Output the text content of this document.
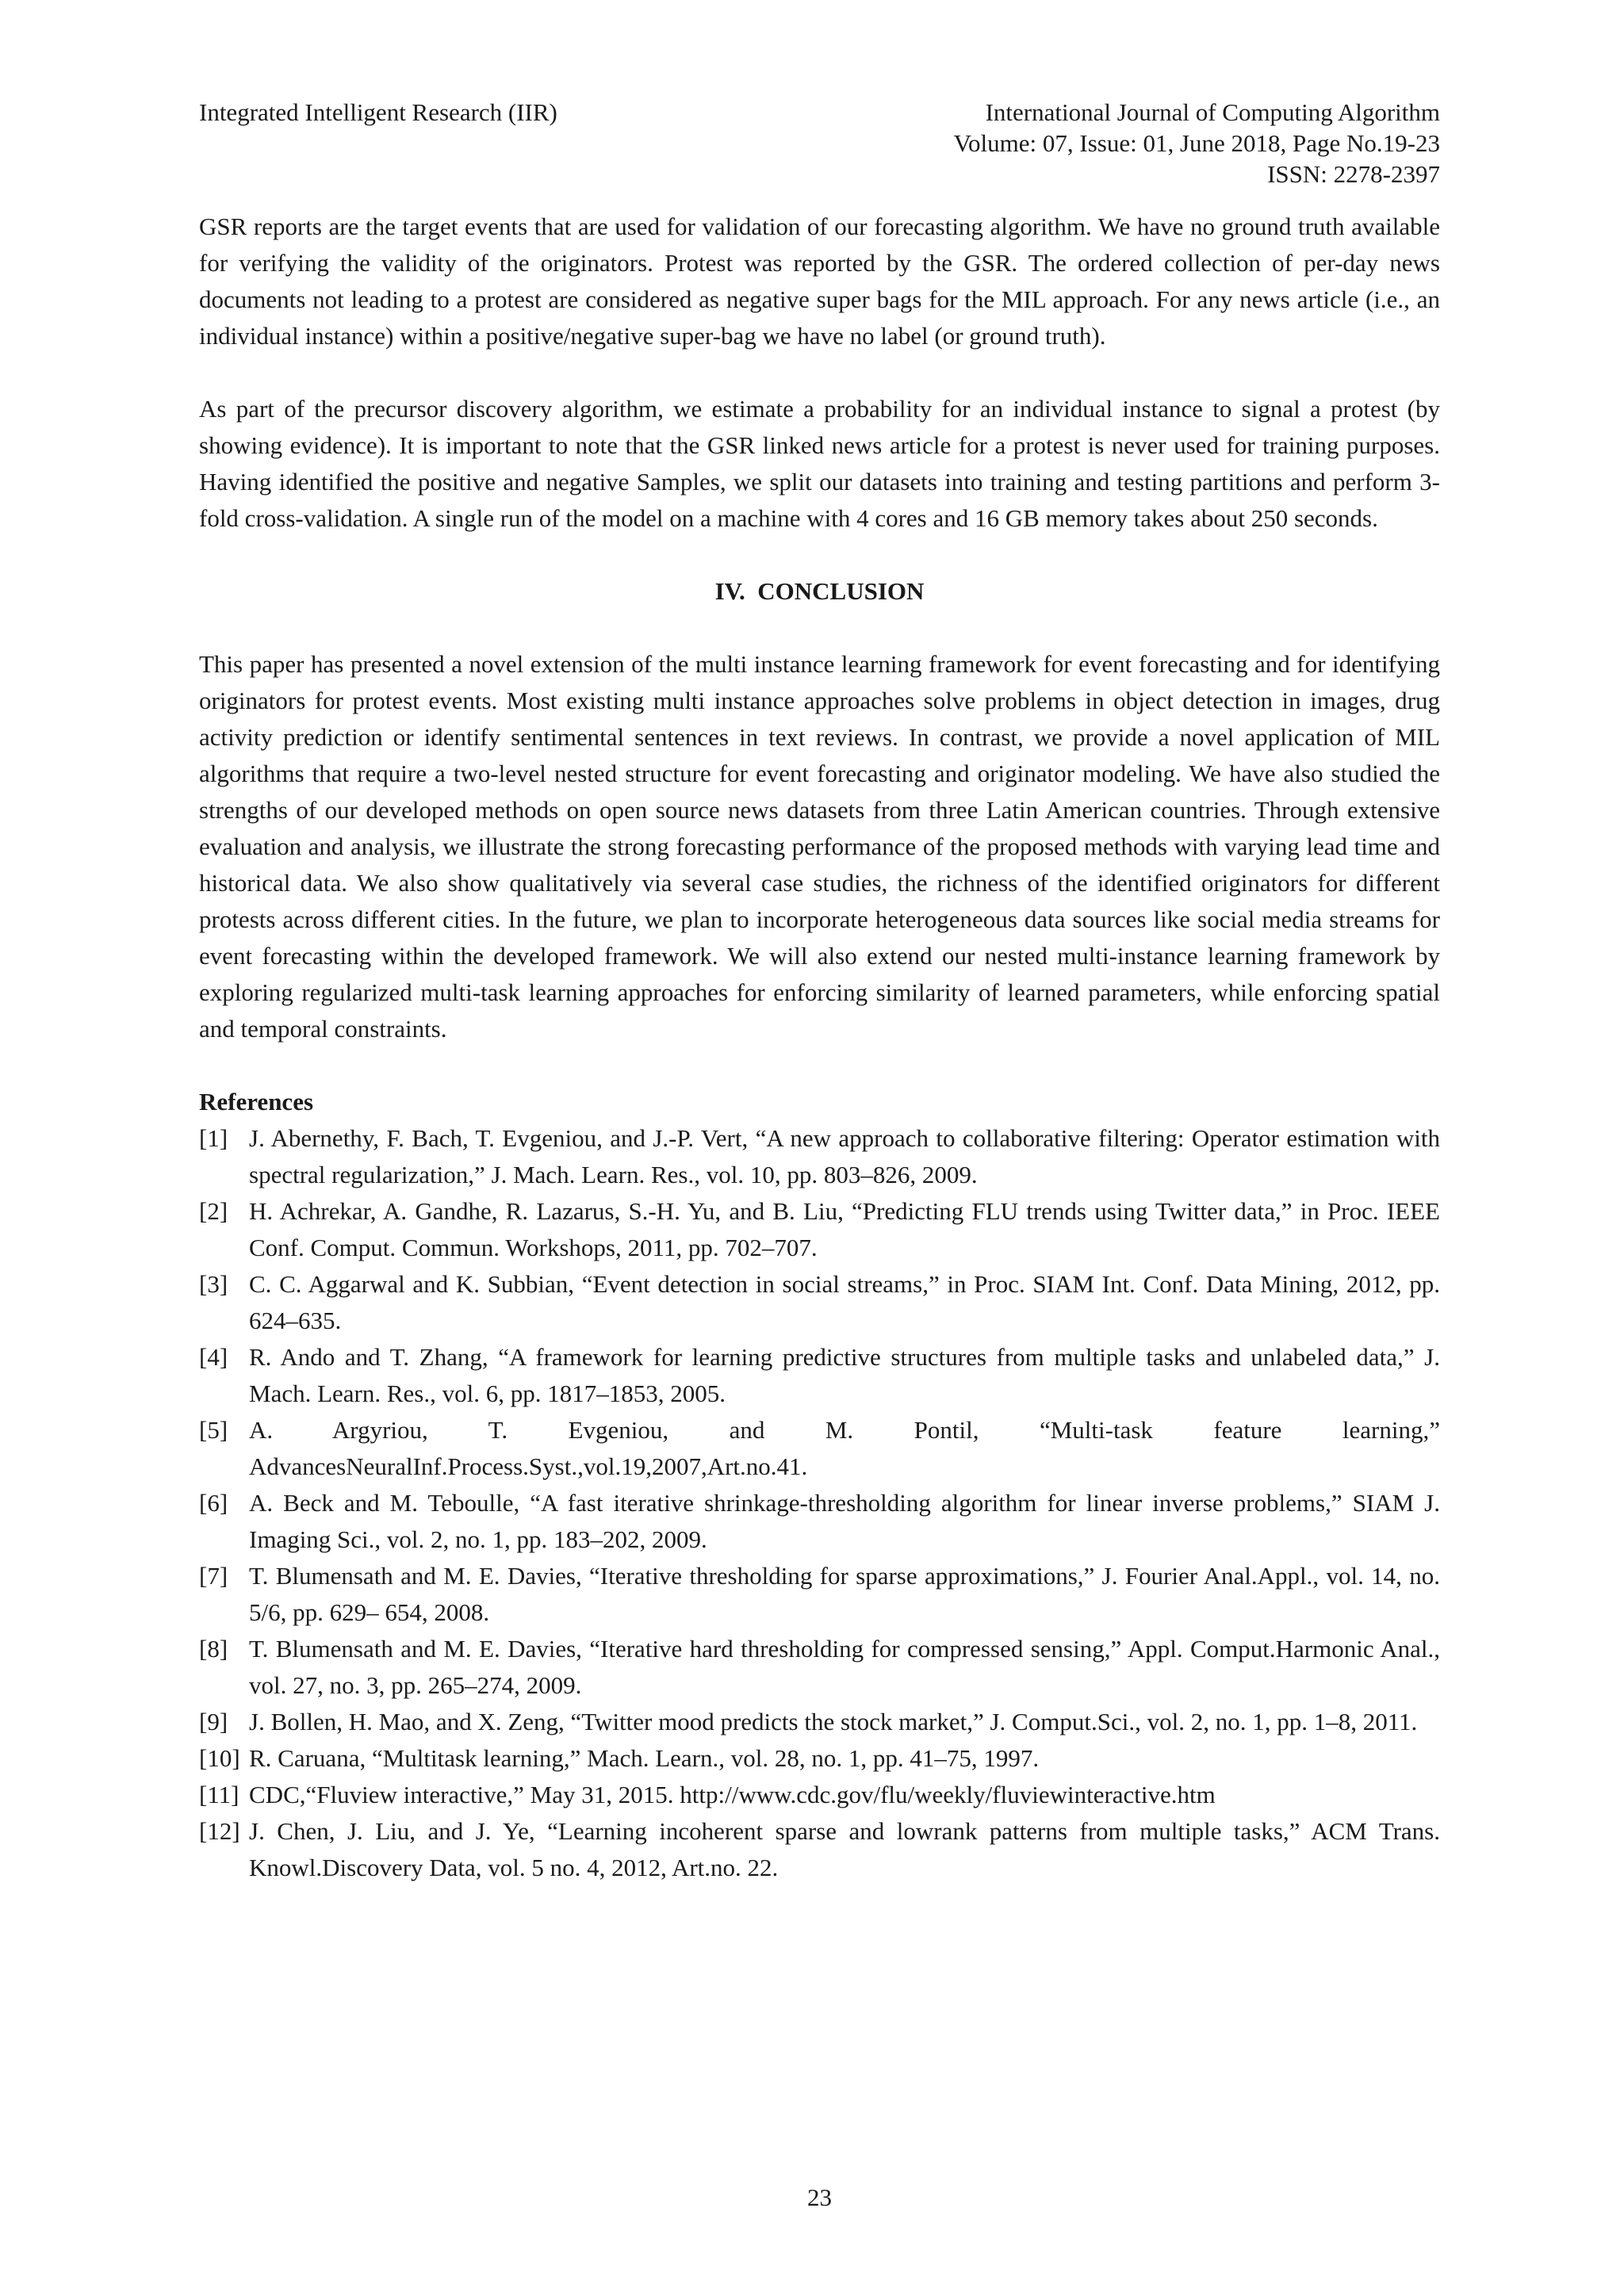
Integrated Intelligent Research (IIR)	International Journal of Computing Algorithm
Volume: 07, Issue: 01, June 2018, Page No.19-23
ISSN: 2278-2397

GSR reports are the target events that are used for validation of our forecasting algorithm. We have no ground truth available for verifying the validity of the originators. Protest was reported by the GSR. The ordered collection of per-day news documents not leading to a protest are considered as negative super bags for the MIL approach. For any news article (i.e., an individual instance) within a positive/negative super-bag we have no label (or ground truth).

As part of the precursor discovery algorithm, we estimate a probability for an individual instance to signal a protest (by showing evidence). It is important to note that the GSR linked news article for a protest is never used for training purposes. Having identified the positive and negative Samples, we split our datasets into training and testing partitions and perform 3-fold cross-validation. A single run of the model on a machine with 4 cores and 16 GB memory takes about 250 seconds.

IV. CONCLUSION

This paper has presented a novel extension of the multi instance learning framework for event forecasting and for identifying originators for protest events. Most existing multi instance approaches solve problems in object detection in images, drug activity prediction or identify sentimental sentences in text reviews. In contrast, we provide a novel application of MIL algorithms that require a two-level nested structure for event forecasting and originator modeling. We have also studied the strengths of our developed methods on open source news datasets from three Latin American countries. Through extensive evaluation and analysis, we illustrate the strong forecasting performance of the proposed methods with varying lead time and historical data. We also show qualitatively via several case studies, the richness of the identified originators for different protests across different cities. In the future, we plan to incorporate heterogeneous data sources like social media streams for event forecasting within the developed framework. We will also extend our nested multi-instance learning framework by exploring regularized multi-task learning approaches for enforcing similarity of learned parameters, while enforcing spatial and temporal constraints.

References

[1] J. Abernethy, F. Bach, T. Evgeniou, and J.-P. Vert, “A new approach to collaborative filtering: Operator estimation with spectral regularization,” J. Mach. Learn. Res., vol. 10, pp. 803–826, 2009.
[2] H. Achrekar, A. Gandhe, R. Lazarus, S.-H. Yu, and B. Liu, “Predicting FLU trends using Twitter data,” in Proc. IEEE Conf. Comput. Commun. Workshops, 2011, pp. 702–707.
[3] C. C. Aggarwal and K. Subbian, “Event detection in social streams,” in Proc. SIAM Int. Conf. Data Mining, 2012, pp. 624–635.
[4] R. Ando and T. Zhang, “A framework for learning predictive structures from multiple tasks and unlabeled data,” J. Mach. Learn. Res., vol. 6, pp. 1817–1853, 2005.
[5] A. Argyriou, T. Evgeniou, and M. Pontil, “Multi-task feature learning,” AdvancesNeuralInf.Process.Syst.,vol.19,2007,Art.no.41.
[6] A. Beck and M. Teboulle, “A fast iterative shrinkage-thresholding algorithm for linear inverse problems,” SIAM J. Imaging Sci., vol. 2, no. 1, pp. 183–202, 2009.
[7] T. Blumensath and M. E. Davies, “Iterative thresholding for sparse approximations,” J. Fourier Anal.Appl., vol. 14, no. 5/6, pp. 629– 654, 2008.
[8] T. Blumensath and M. E. Davies, “Iterative hard thresholding for compressed sensing,” Appl. Comput.Harmonic Anal., vol. 27, no. 3, pp. 265–274, 2009.
[9] J. Bollen, H. Mao, and X. Zeng, “Twitter mood predicts the stock market,” J. Comput.Sci., vol. 2, no. 1, pp. 1–8, 2011.
[10] R. Caruana, “Multitask learning,” Mach. Learn., vol. 28, no. 1, pp. 41–75, 1997.
[11] CDC,“Fluview interactive,” May 31, 2015. http://www.cdc.gov/flu/weekly/fluviewinteractive.htm
[12] J. Chen, J. Liu, and J. Ye, “Learning incoherent sparse and lowrank patterns from multiple tasks,” ACM Trans. Knowl.Discovery Data, vol. 5 no. 4, 2012, Art.no. 22.
23
